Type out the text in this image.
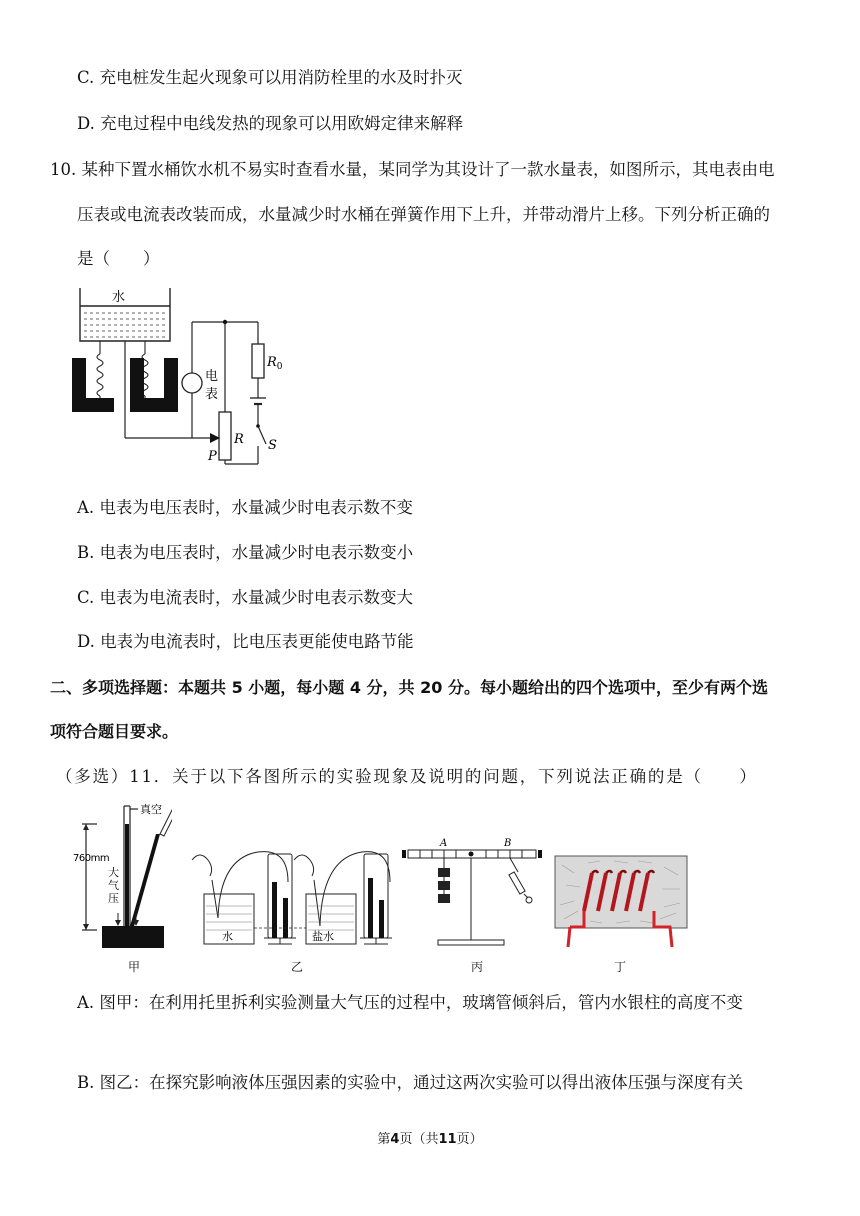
C. 充电桩发生起火现象可以用消防栓里的水及时扑灭
D. 充电过程中电线发热的现象可以用欧姆定律来解释
10. 某种下置水桶饮水机不易实时查看水量，某同学为其设计了一款水量表，如图所示，其电表由电
压表或电流表改装而成，水量减少时水桶在弹簧作用下上升，并带动滑片上移。下列分析正确的
是（　　）
水
电
表
$R_0$
S
R
P
A. 电表为电压表时，水量减少时电表示数不变
B. 电表为电压表时，水量减少时电表示数变小
C. 电表为电流表时，水量减少时电表示数变大
D. 电表为电流表时，比电压表更能使电路节能
二、多项选择题：本题共 5 小题，每小题 4 分，共 20 分。每小题给出的四个选项中，至少有两个选
项符合题目要求。
（多选）11．关于以下各图所示的实验现象及说明的问题，下列说法正确的是（　　）
真空
760mm
大
气
压
甲
水	盐水
乙
A	B
丙	丁
A. 图甲：在利用托里拆利实验测量大气压的过程中，玻璃管倾斜后，管内水银柱的高度不变
B. 图乙：在探究影响液体压强因素的实验中，通过这两次实验可以得出液体压强与深度有关
第4页（共11页）
